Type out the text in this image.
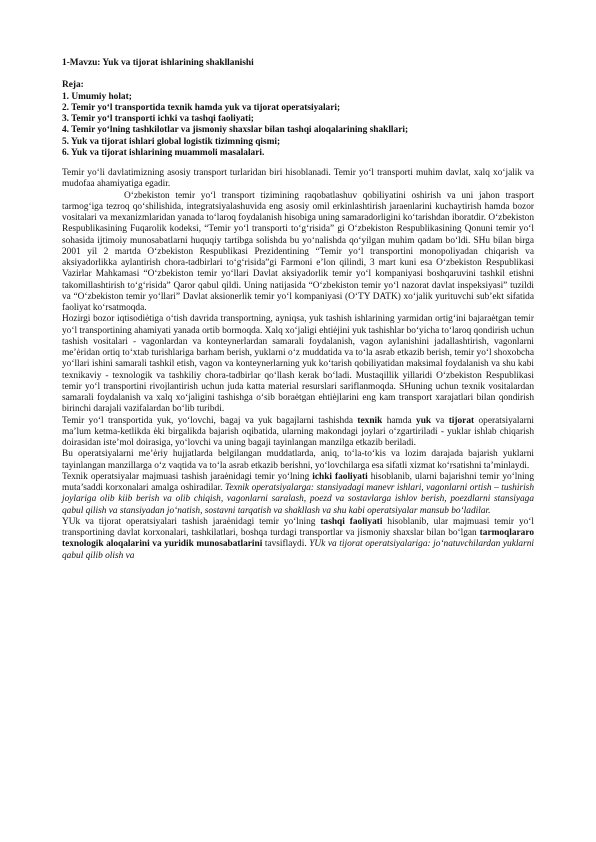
1-Mavzu: Yuk va tijorat ishlarining shakllanishi
Reja:
1. Umumiy holat;
2. Temir yo‘l transportida texnik hamda yuk va tijorat operatsiyalari;
3. Temir yo‘l transporti ichki va tashqi faoliyati;
4. Temir yo‘lning tashkilotlar va jismoniy shaxslar bilan tashqi aloqalarining shakllari;
5. Yuk va tijorat ishlari global logistik tizimning qismi;
6. Yuk va tijorat ishlarining muammoli masalalari.

Temir yo‘li davlatimizning asosiy transport turlaridan biri hisoblanadi. Temir yo‘l transporti muhim davlat, xalq xo‘jalik va mudofaa ahamiyatiga egadir.

O‘zbekiston temir yo‘l transport tizimining raqobatlashuv qobiliyatini oshirish va uni jahon trasport tarmog‘iga tezroq qo‘shilishida, integratsiyalashuvida eng asosiy omil erkinlashtirish jaraenlarini kuchaytirish hamda bozor vositalari va mexanizmlaridan yanada to‘laroq foydalanish hisobiga uning samaradorligini ko‘tarishdan iboratdir. O‘zbekiston Respublikasining Fuqarolik kodeksi, “Temir yo‘l transporti to‘g‘risida” gi O‘zbekiston Respublikasining Qonuni temir yo‘l sohasida ijtimoiy munosabatlarni huquqiy tartibga solishda bu yo‘nalishda qo‘yilgan muhim qadam bo‘ldi. SHu bilan birga 2001 yil 2 martda O‘zbekiston Respublikasi Prezidentining “Temir yo‘l transportini monopoliyadan chiqarish va aksiyadorlikka aylantirish chora-tadbirlari to‘g‘risida”gi Farmoni e’lon qilindi, 3 mart kuni esa O‘zbekiston Respublikasi Vazirlar Mahkamasi “O‘zbekiston temir yo‘llari Davlat aksiyadorlik temir yo‘l kompaniyasi boshqaruvini tashkil etishni takomillashtirish to‘g‘risida” Qaror qabul qildi. Uning natijasida “O‘zbekiston temir yo‘l nazorat davlat inspeksiyasi” tuzildi va “O‘zbekiston temir yo‘llari” Davlat aksionerlik temir yo‘l kompaniyasi (O‘TY DATK) xo‘jalik yurituvchi sub’ekt sifatida faoliyat ko‘rsatmoqda.

Hozirgi bozor iqtisodiėtiga o‘tish davrida transportning, ayniqsa, yuk tashish ishlarining yarmidan ortig‘ini bajaraėtgan temir yo‘l transportining ahamiyati yanada ortib bormoqda. Xalq xo‘jaligi ehtiėjini yuk tashishlar bo‘yicha to‘laroq qondirish uchun tashish vositalari - vagonlardan va konteynerlardan samarali foydalanish, vagon aylanishini jadallashtirish, vagonlarni me’ėridan ortiq to‘xtab turishlariga barham berish, yuklarni o‘z muddatida va to‘la asrab etkazib berish, temir yo‘l shoxobcha yo‘llari ishini samarali tashkil etish, vagon va konteynerlarning yuk ko‘tarish qobiliyatidan maksimal foydalanish va shu kabi texnikaviy - texnologik va tashkiliy chora-tadbirlar qo‘llash kerak bo‘ladi. Mustaqillik yillaridi O‘zbekiston Respublikasi temir yo‘l transportini rivojlantirish uchun juda katta material resurslari sariflanmoqda. SHuning uchun texnik vositalardan samarali foydalanish va xalq xo‘jaligini tashishga o‘sib boraėtgan ehtiėjlarini eng kam transport xarajatlari bilan qondirish birinchi darajali vazifalardan bo‘lib turibdi.

Temir yo‘l transportida yuk, yo‘lovchi, bagaj va yuk bagajlarni tashishda texnik hamda yuk va tijorat operatsiyalarni ma’lum ketma-ketlikda ėki birgalikda bajarish oqibatida, ularning makondagi joylari o‘zgartiriladi - yuklar ishlab chiqarish doirasidan iste’mol doirasiga, yo‘lovchi va uning bagaji tayinlangan manzilga etkazib beriladi.

Bu operatsiyalarni me’ėriy hujjatlarda belgilangan muddatlarda, aniq, to‘la-to‘kis va lozim darajada bajarish yuklarni tayinlangan manzillarga o‘z vaqtida va to‘la asrab etkazib berishni, yo‘lovchilarga esa sifatli xizmat ko‘rsatishni ta’minlaydi.

Texnik operatsiyalar majmuasi tashish jaraėnidagi temir yo‘lning ichki faoliyati hisoblanib, ularni bajarishni temir yo‘lning muta’saddi korxonalari amalga oshiradilar. Texnik operatsiyalarga: stansiyadagi manevr ishlari, vagonlarni ortish – tushirish joylariga olib kiib berish va olib chiqish, vagonlarni saralash, poezd va sostavlarga ishlov berish, poezdlarni stansiyaga qabul qilish va stansiyadan jo‘natish, sostavni tarqatish va shakllash va shu kabi operatsiyalar mansub bo‘ladilar.

YUk va tijorat operatsiyalari tashish jaraėnidagi temir yo‘lning tashqi faoliyati hisoblanib, ular majmuasi temir yo‘l transportining davlat korxonalari, tashkilatlari, boshqa turdagi transportlar va jismoniy shaxslar bilan bo‘lgan tarmoqlararo texnologik aloqalarini va yuridik munosabatlarini tavsiflaydi. YUk va tijorat operatsiyalariga: jo‘natuvchilardan yuklarni qabul qilib olish va
